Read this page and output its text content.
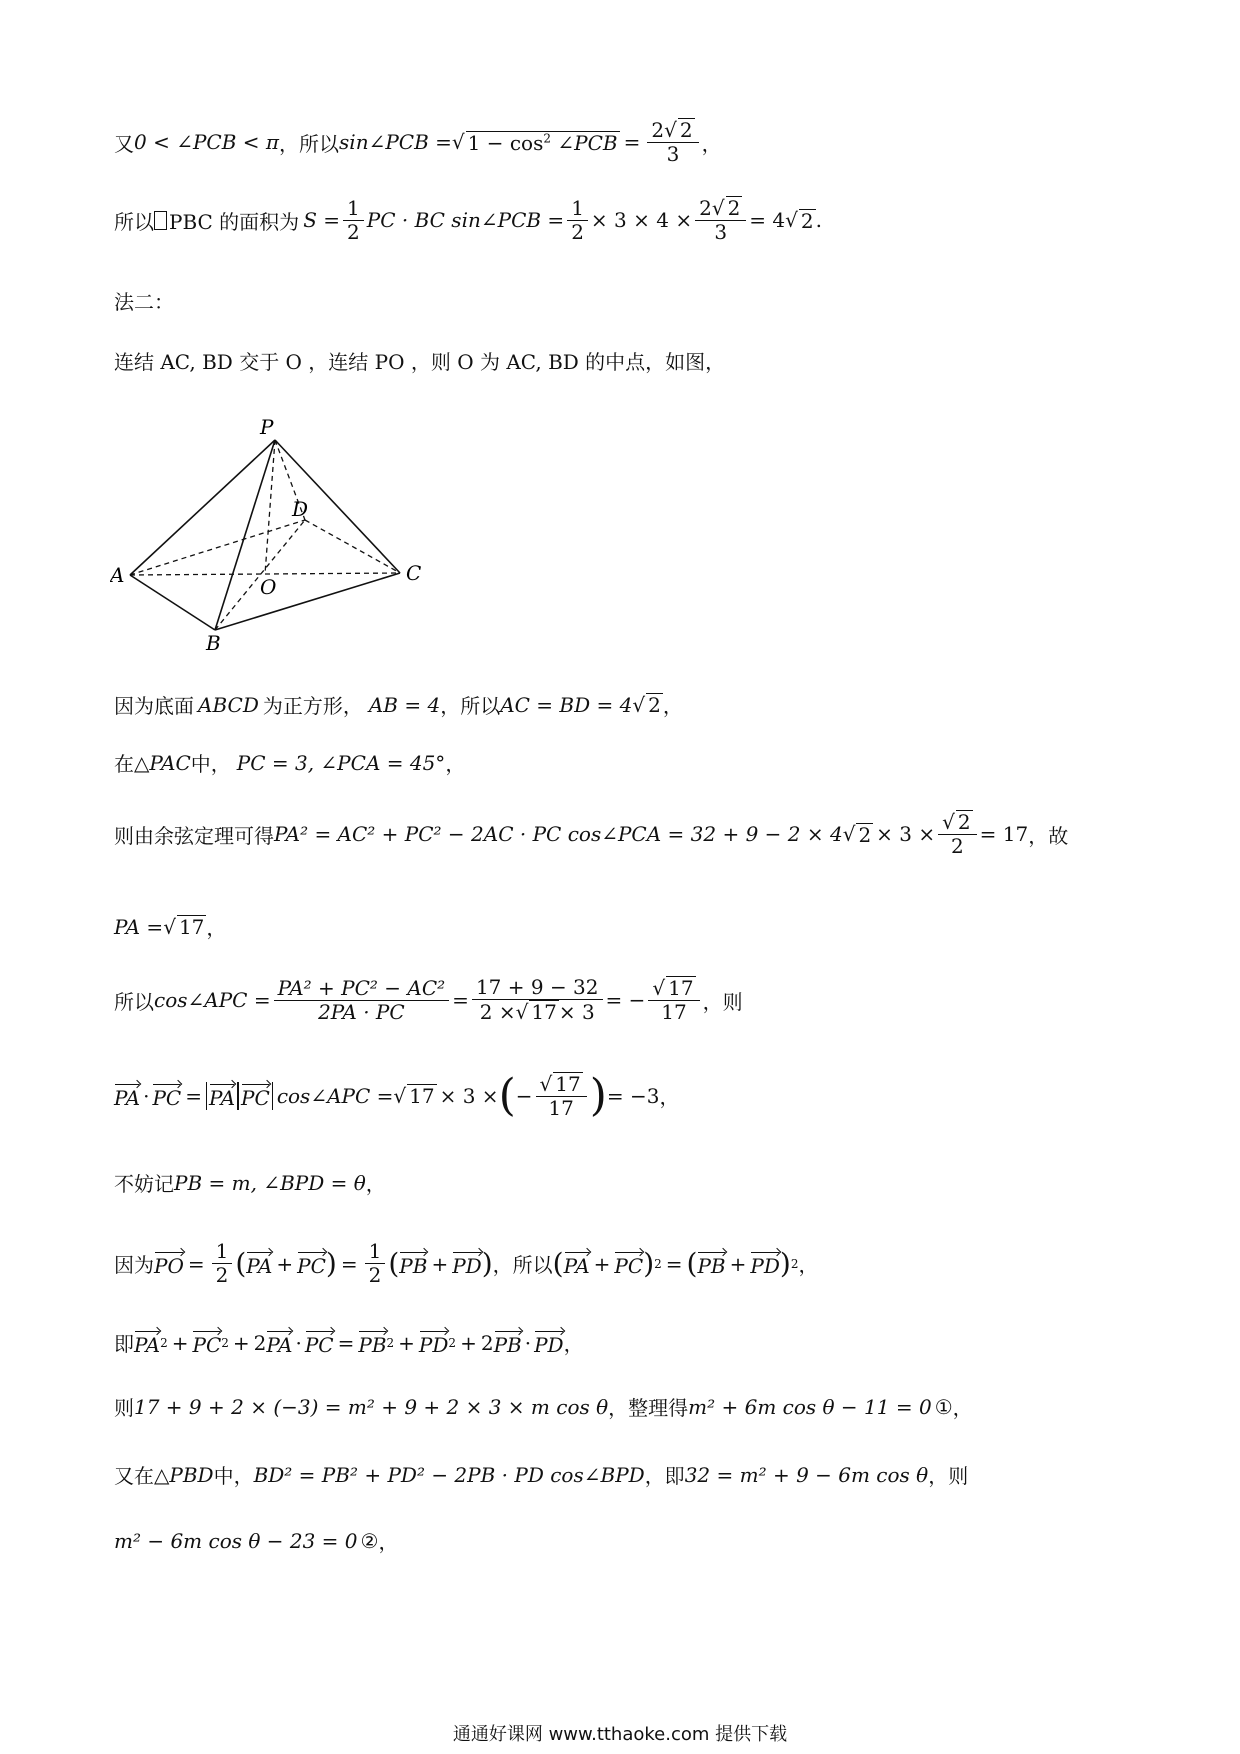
又 0 < ∠PCB < π ，所以 sin∠PCB = √ $1 - \cos^2$ ∠PCB = $\frac{2√ 2}{3}$ ，
所以 PBC 的面积为 $S = \frac{1}{2}$ PC · BC sin∠PCB = $\frac{1}{2} \times 3 \times 4 \times \frac{2√ 2}{3} = 4$ √ 2 .
法二：
连结 AC, BD 交于 O ，连结 PO ，则 O 为 AC, BD 的中点，如图，
P
A
B
C
D
O
因为底面 ABCD 为正方形， AB = 4 ，所以 AC = BD = 4 √ 2 ，
在 △PAC 中， PC = 3, ∠PCA = 45° ，
则由余弦定理可得 PA² = AC² + PC² − 2AC · PC cos∠PCA = 32 + 9 − 2 × 4 √ $2 \times 3 \times \frac{√ 2}{2} = 17$ ，故
PA = √ 17 ，
所以 cos∠APC = $\frac{\text{PA² + PC² − AC²}}{2PA \cdot PC} = \frac{17 + 9 - 32}{2 \times√ 17 \times 3}$ = − $\frac{√ 17}{17}$ ，则
PA · PC = PA PC cos∠APC = √ 17 × 3 × ( − $\frac{√ 17}{17}$ ) = −3 ，
不妨记 PB = m, ∠BPD = θ ，
因为 PO = $\frac{1}{2}$ ( PA + PC ) = $\frac{1}{2}$ ( PB + PD ) ，所以 ( PA + PC ) 2 = ( PB + PD ) 2 ，
即 PA 2 + PC 2 + 2 PA · PC = PB 2 + PD 2 + 2 PB · PD ，
则 17 + 9 + 2 × (−3) = m² + 9 + 2 × 3 × m cos θ ，整理得 m² + 6m cos θ − 11 = 0 ① ，
又在 △PBD 中， BD² = PB² + PD² − 2PB · PD cos∠BPD ，即 32 = m² + 9 − 6m cos θ ，则
m² − 6m cos θ − 23 = 0 ② ，
通通好课网 www.tthaoke.com 提供下载
